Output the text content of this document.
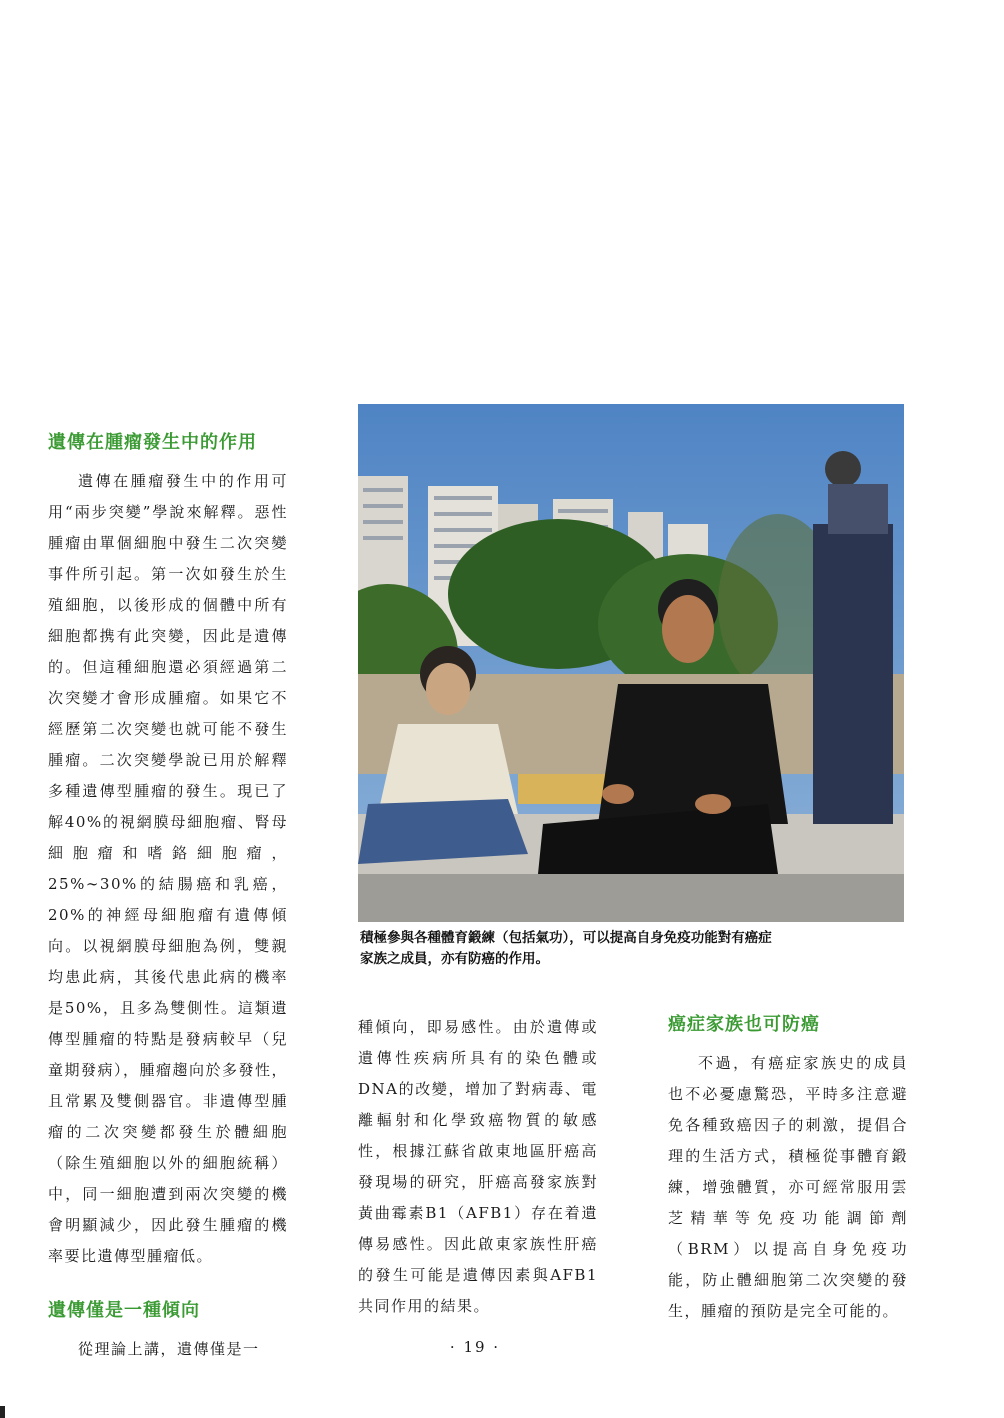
遺傳在腫瘤發生中的作用

遺傳在腫瘤發生中的作用可用“兩步突變”學說來解釋。惡性腫瘤由單個細胞中發生二次突變事件所引起。第一次如發生於生殖細胞，以後形成的個體中所有細胞都携有此突變，因此是遺傳的。但這種細胞還必須經過第二次突變才會形成腫瘤。如果它不經歷第二次突變也就可能不發生腫瘤。二次突變學說已用於解釋多種遺傳型腫瘤的發生。現已了解40%的視網膜母細胞瘤、腎母細胞瘤和嗜鉻細胞瘤，25%∼30%的結腸癌和乳癌，20%的神經母細胞瘤有遺傳傾向。以視網膜母細胞為例，雙親均患此病，其後代患此病的機率是50%，且多為雙側性。這類遺傳型腫瘤的特點是發病較早（兒童期發病），腫瘤趨向於多發性，且常累及雙側器官。非遺傳型腫瘤的二次突變都發生於體細胞（除生殖細胞以外的細胞統稱）中，同一細胞遭到兩次突變的機會明顯減少，因此發生腫瘤的機率要比遺傳型腫瘤低。

遺傳僅是一種傾向

從理論上講，遺傳僅是一

積極參與各種體育鍛練（包括氣功），可以提高自身免疫功能對有癌症家族之成員，亦有防癌的作用。

種傾向，即易感性。由於遺傳或遺傳性疾病所具有的染色體或DNA的改變，增加了對病毒、電離輻射和化學致癌物質的敏感性，根據江蘇省啟東地區肝癌高發現場的研究，肝癌高發家族對黃曲霉素B1（AFB1）存在着遺傳易感性。因此啟東家族性肝癌的發生可能是遺傳因素與AFB1共同作用的結果。

癌症家族也可防癌

不過，有癌症家族史的成員也不必憂慮驚恐，平時多注意避免各種致癌因子的刺激，提倡合理的生活方式，積極從事體育鍛練，增強體質，亦可經常服用雲芝精華等免疫功能調節劑（BRM）以提高自身免疫功能，防止體細胞第二次突變的發生，腫瘤的預防是完全可能的。

· 19 ·
